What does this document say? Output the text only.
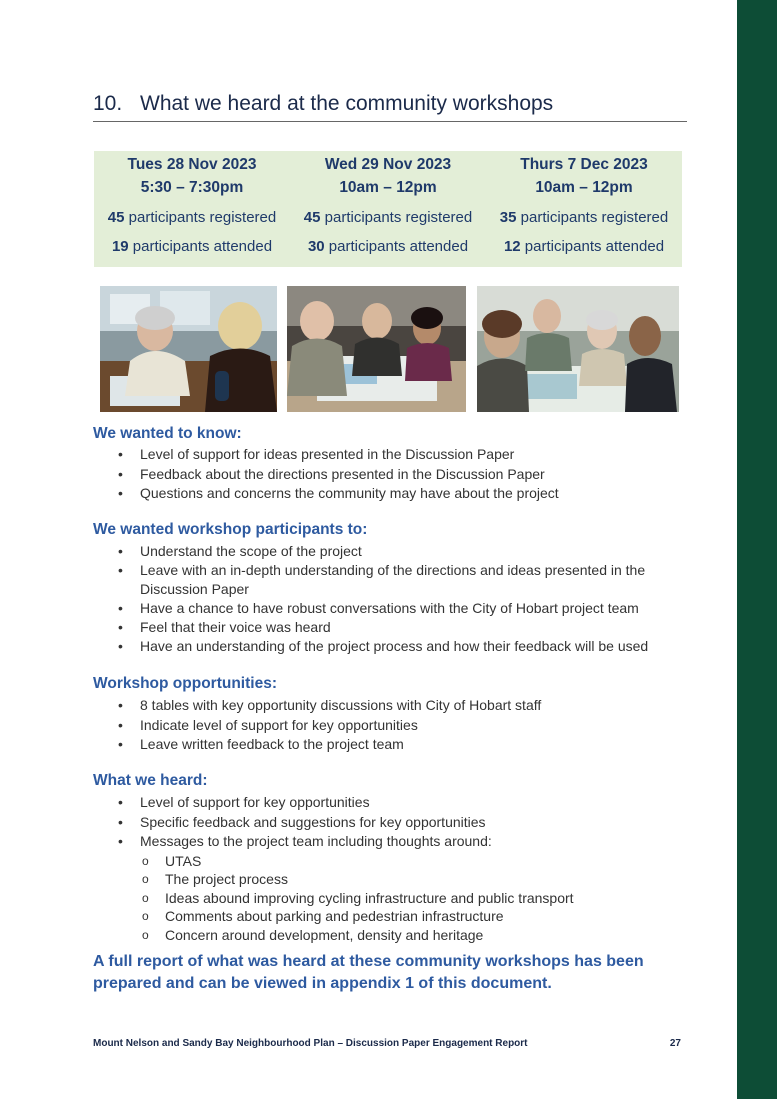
10. What we heard at the community workshops
Tues 28 Nov 2023
5:30 – 7:30pm
45 participants registered
19 participants attended
Wed 29 Nov 2023
10am – 12pm
45 participants registered
30 participants attended
Thurs 7 Dec 2023
10am – 12pm
35 participants registered
12 participants attended
We wanted to know:
• Level of support for ideas presented in the Discussion Paper
• Feedback about the directions presented in the Discussion Paper
• Questions and concerns the community may have about the project
We wanted workshop participants to:
• Understand the scope of the project
• Leave with an in-depth understanding of the directions and ideas presented in the Discussion Paper
• Have a chance to have robust conversations with the City of Hobart project team
• Feel that their voice was heard
• Have an understanding of the project process and how their feedback will be used
Workshop opportunities:
• 8 tables with key opportunity discussions with City of Hobart staff
• Indicate level of support for key opportunities
• Leave written feedback to the project team
What we heard:
• Level of support for key opportunities
• Specific feedback and suggestions for key opportunities
• Messages to the project team including thoughts around:
o UTAS
o The project process
o Ideas abound improving cycling infrastructure and public transport
o Comments about parking and pedestrian infrastructure
o Concern around development, density and heritage
A full report of what was heard at these community workshops has been prepared and can be viewed in appendix 1 of this document.
Mount Nelson and Sandy Bay Neighbourhood Plan – Discussion Paper Engagement Report	27
